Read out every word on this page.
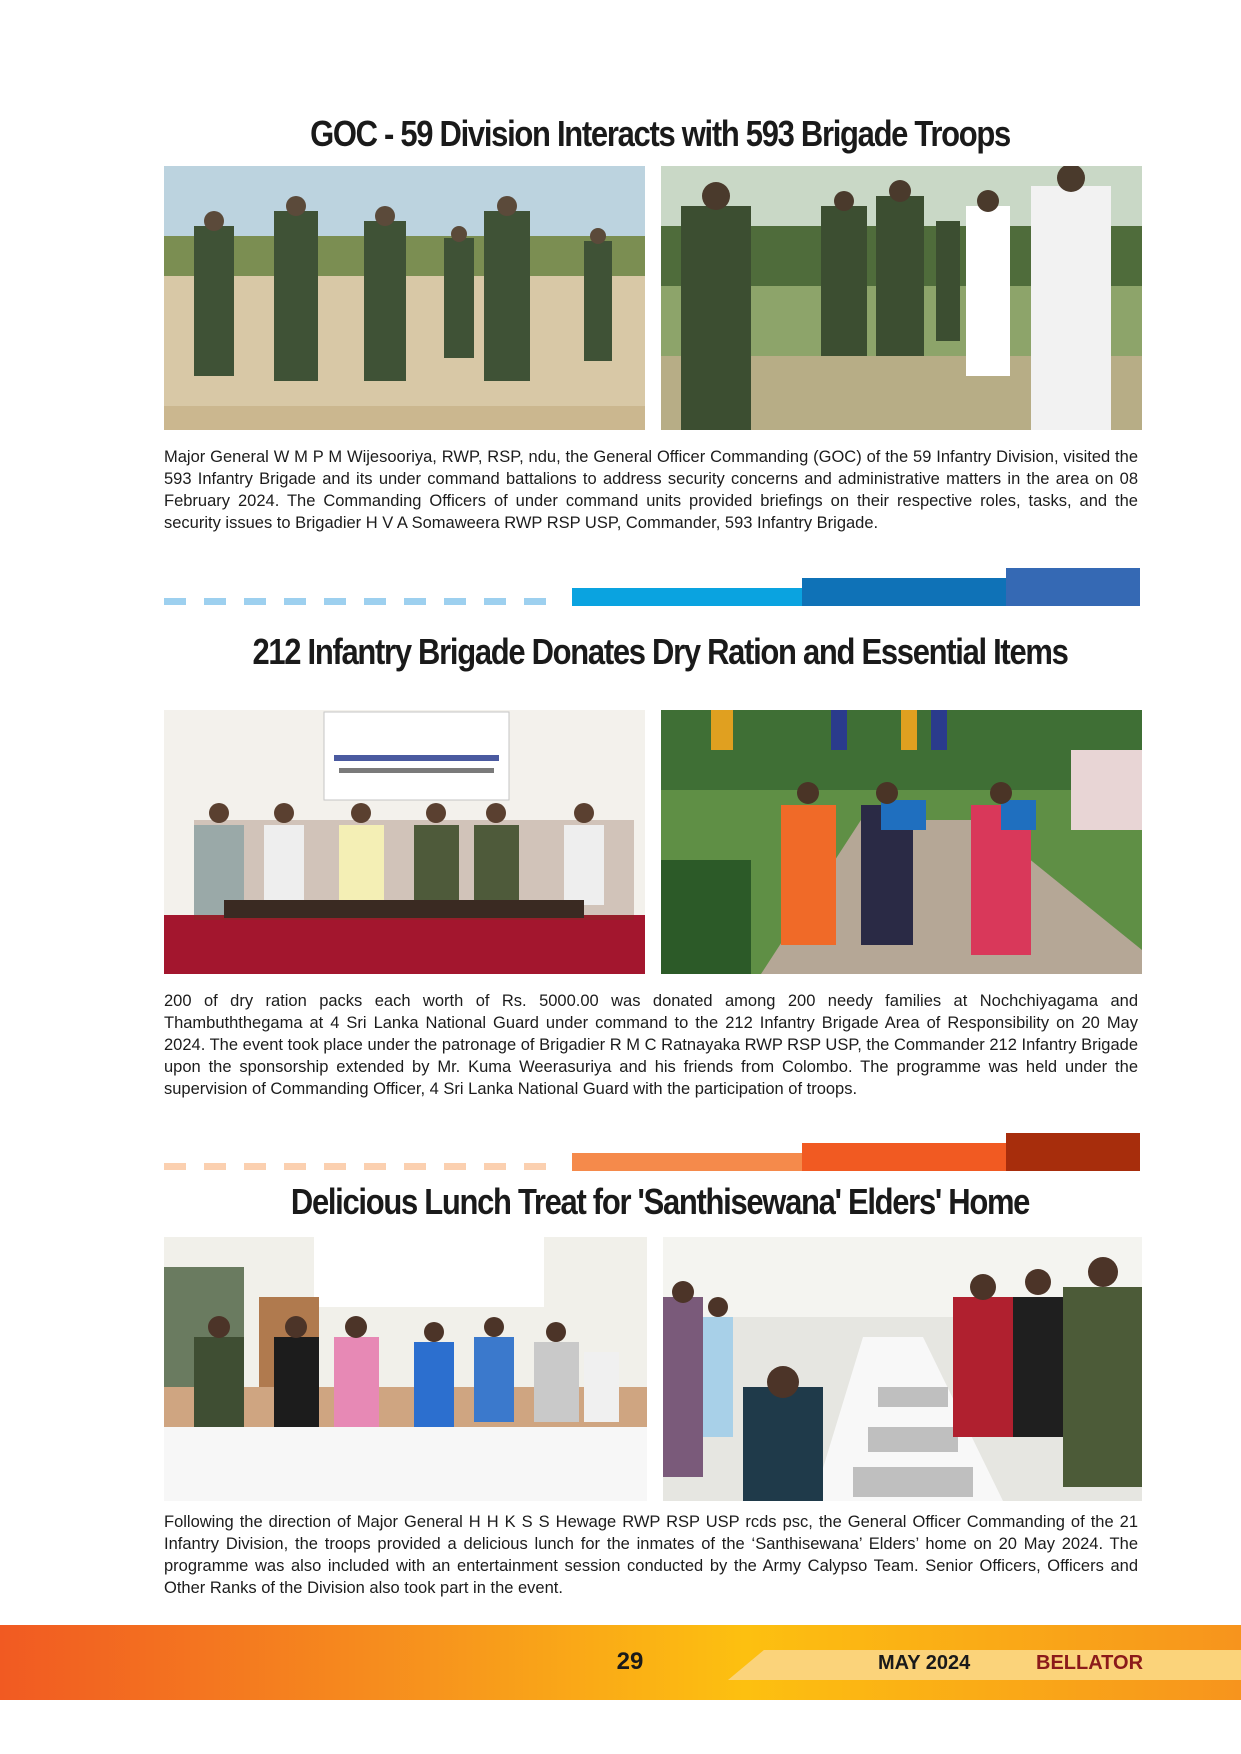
GOC - 59 Division Interacts with 593 Brigade Troops

Major General W M P M Wijesooriya, RWP, RSP, ndu, the General Officer Commanding (GOC) of the 59 Infantry Division, visited the 593 Infantry Brigade and its under command battalions to address security concerns and administrative matters in the area on 08 February 2024. The Commanding Officers of under command units provided briefings on their respective roles, tasks, and the security issues to Brigadier H V A Somaweera RWP RSP USP, Commander, 593 Infantry Brigade.

212 Infantry Brigade Donates Dry Ration and Essential Items

200 of dry ration packs each worth of Rs. 5000.00 was donated among 200 needy families at Nochchiyagama and Thambuththegama at 4 Sri Lanka National Guard under command to the 212 Infantry Brigade Area of Responsibility on 20 May 2024. The event took place under the patronage of Brigadier R M C Ratnayaka RWP RSP USP, the Commander 212 Infantry Brigade upon the sponsorship extended by Mr. Kuma Weerasuriya and his friends from Colombo. The programme was held under the supervision of Commanding Officer, 4 Sri Lanka National Guard with the participation of troops.

Delicious Lunch Treat for 'Santhisewana' Elders' Home

Following the direction of Major General H H K S S Hewage RWP RSP USP rcds psc, the General Officer Commanding of the 21 Infantry Division, the troops provided a delicious lunch for the inmates of the ‘Santhisewana’ Elders’ home on 20 May 2024. The programme was also included with an entertainment session conducted by the Army Calypso Team. Senior Officers, Officers and Other Ranks of the Division also took part in the event.

29	MAY 2024	BELLATOR
